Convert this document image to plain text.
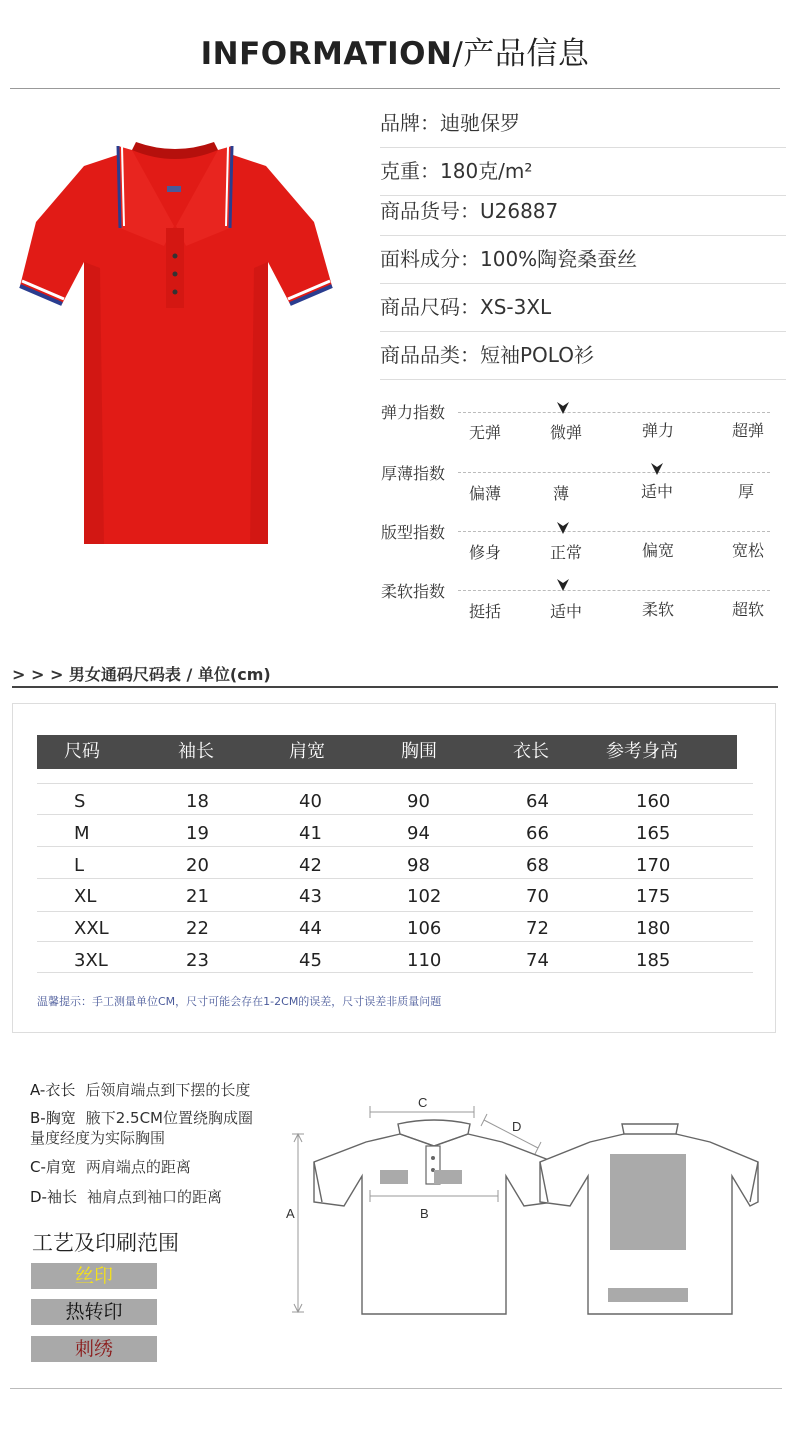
INFORMATION/产品信息
品牌：迪驰保罗
克重：180克/m²
商品货号：U26887
面料成分：100%陶瓷桑蚕丝
商品尺码：XS-3XL
商品品类：短袖POLO衫
弹力指数
无弹	微弹	弹力	超弹
厚薄指数
偏薄	薄	适中	厚
版型指数
修身	正常	偏宽	宽松
柔软指数
挺括	适中	柔软	超软
> > > 男女通码尺码表 / 单位(cm)
尺码	袖长	肩宽	胸围	衣长	参考身高
S	18	40	90	64	160
M	19	41	94	66	165
L	20	42	98	68	170
XL	21	43	102	70	175
XXL	22	44	106	72	180
3XL	23	45	110	74	185
温馨提示：手工测量单位CM，尺寸可能会存在1-2CM的误差，尺寸误差非质量问题
A-衣长 后领肩端点到下摆的长度
B-胸宽 腋下2.5CM位置绕胸成圈
量度经度为实际胸围
C-肩宽 两肩端点的距离
D-袖长 袖肩点到袖口的距离
工艺及印刷范围
丝印
热转印
刺绣
A
C
D
B
